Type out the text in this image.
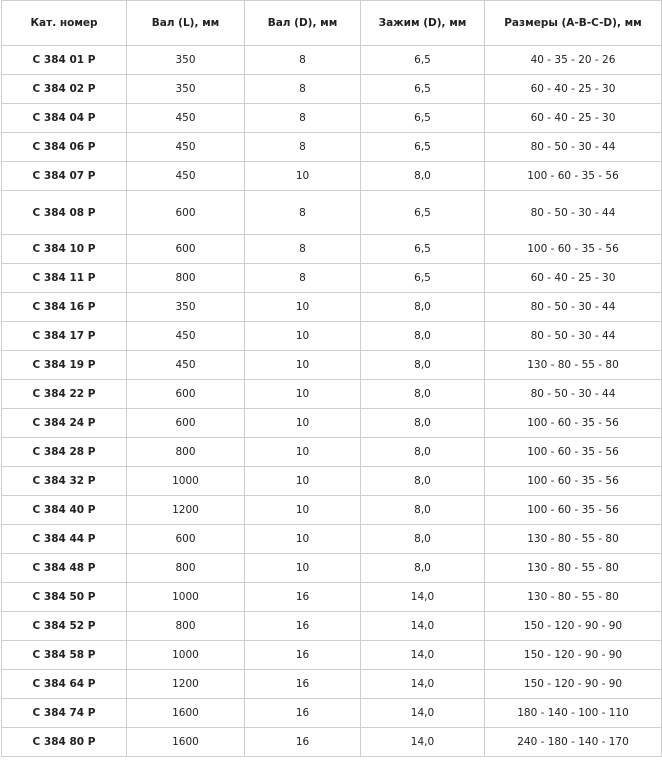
Кат. номер	Вал (L), мм	Вал (D), мм	Зажим (D), мм	Размеры (A-B-C-D), мм
С 384 01 Р	350	8	6,5	40 - 35 - 20 - 26
С 384 02 Р	350	8	6,5	60 - 40 - 25 - 30
С 384 04 Р	450	8	6,5	60 - 40 - 25 - 30
С 384 06 Р	450	8	6,5	80 - 50 - 30 - 44
С 384 07 Р	450	10	8,0	100 - 60 - 35 - 56
С 384 08 Р	600	8	6,5	80 - 50 - 30 - 44
С 384 10 Р	600	8	6,5	100 - 60 - 35 - 56
С 384 11 Р	800	8	6,5	60 - 40 - 25 - 30
С 384 16 Р	350	10	8,0	80 - 50 - 30 - 44
С 384 17 Р	450	10	8,0	80 - 50 - 30 - 44
С 384 19 Р	450	10	8,0	130 - 80 - 55 - 80
С 384 22 Р	600	10	8,0	80 - 50 - 30 - 44
С 384 24 Р	600	10	8,0	100 - 60 - 35 - 56
С 384 28 Р	800	10	8,0	100 - 60 - 35 - 56
С 384 32 Р	1000	10	8,0	100 - 60 - 35 - 56
С 384 40 Р	1200	10	8,0	100 - 60 - 35 - 56
С 384 44 Р	600	10	8,0	130 - 80 - 55 - 80
С 384 48 Р	800	10	8,0	130 - 80 - 55 - 80
С 384 50 Р	1000	16	14,0	130 - 80 - 55 - 80
С 384 52 Р	800	16	14,0	150 - 120 - 90 - 90
С 384 58 Р	1000	16	14,0	150 - 120 - 90 - 90
С 384 64 Р	1200	16	14,0	150 - 120 - 90 - 90
С 384 74 Р	1600	16	14,0	180 - 140 - 100 - 110
С 384 80 Р	1600	16	14,0	240 - 180 - 140 - 170
